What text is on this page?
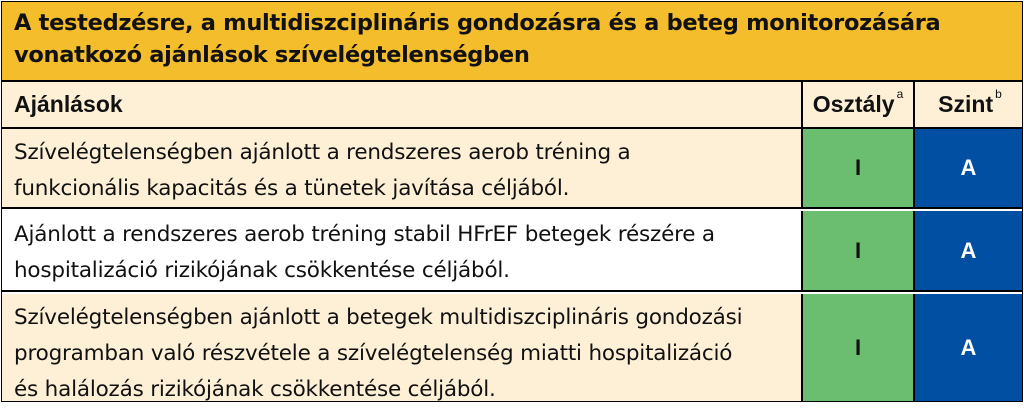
A testedzésre, a multidiszciplináris gondozásra és a beteg monitorozására vonatkozó ajánlások szívelégtelenségben
Ajánlások	Osztály $^a$	Szint $^b$
Szívelégtelenségben ajánlott a rendszeres aerob tréning a
funkcionális kapacitás és a tünetek javítása céljából.
I	A
Ajánlott a rendszeres aerob tréning stabil HFrEF betegek részére a
hospitalizáció rizikójának csökkentése céljából.
I	A
Szívelégtelenségben ajánlott a betegek multidiszciplináris gondozási
programban való részvétele a szívelégtelenség miatti hospitalizáció
és halálozás rizikójának csökkentése céljából.
I	A
